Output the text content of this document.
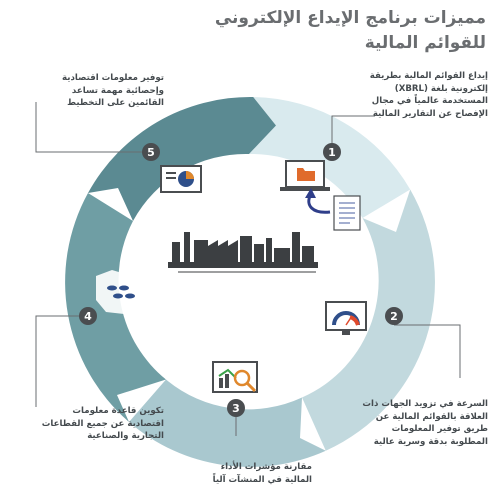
مميزات برنامج الإيداع الإلكتروني
للقوائم المالية
1
2
3
4
5
إيداع القوائم المالية بطريقة
إلكترونية بلغة (XBRL)
المستخدمة عالمياً في مجال
الإفصاح عن التقارير المالية
السرعة في تزويد الجهات ذات
العلاقة بالقوائم المالية عن
طريق توفير المعلومات
المطلوبة بدقة وسرية عالية
مقارنة مؤشرات الأداء
المالية في المنشآت آلياً
تكوين قاعدة معلومات
اقتصادية عن جميع القطاعات
التجارية والصناعية
توفير معلومات اقتصادية
وإحصائية مهمة تساعد
القائمين على التخطيط
